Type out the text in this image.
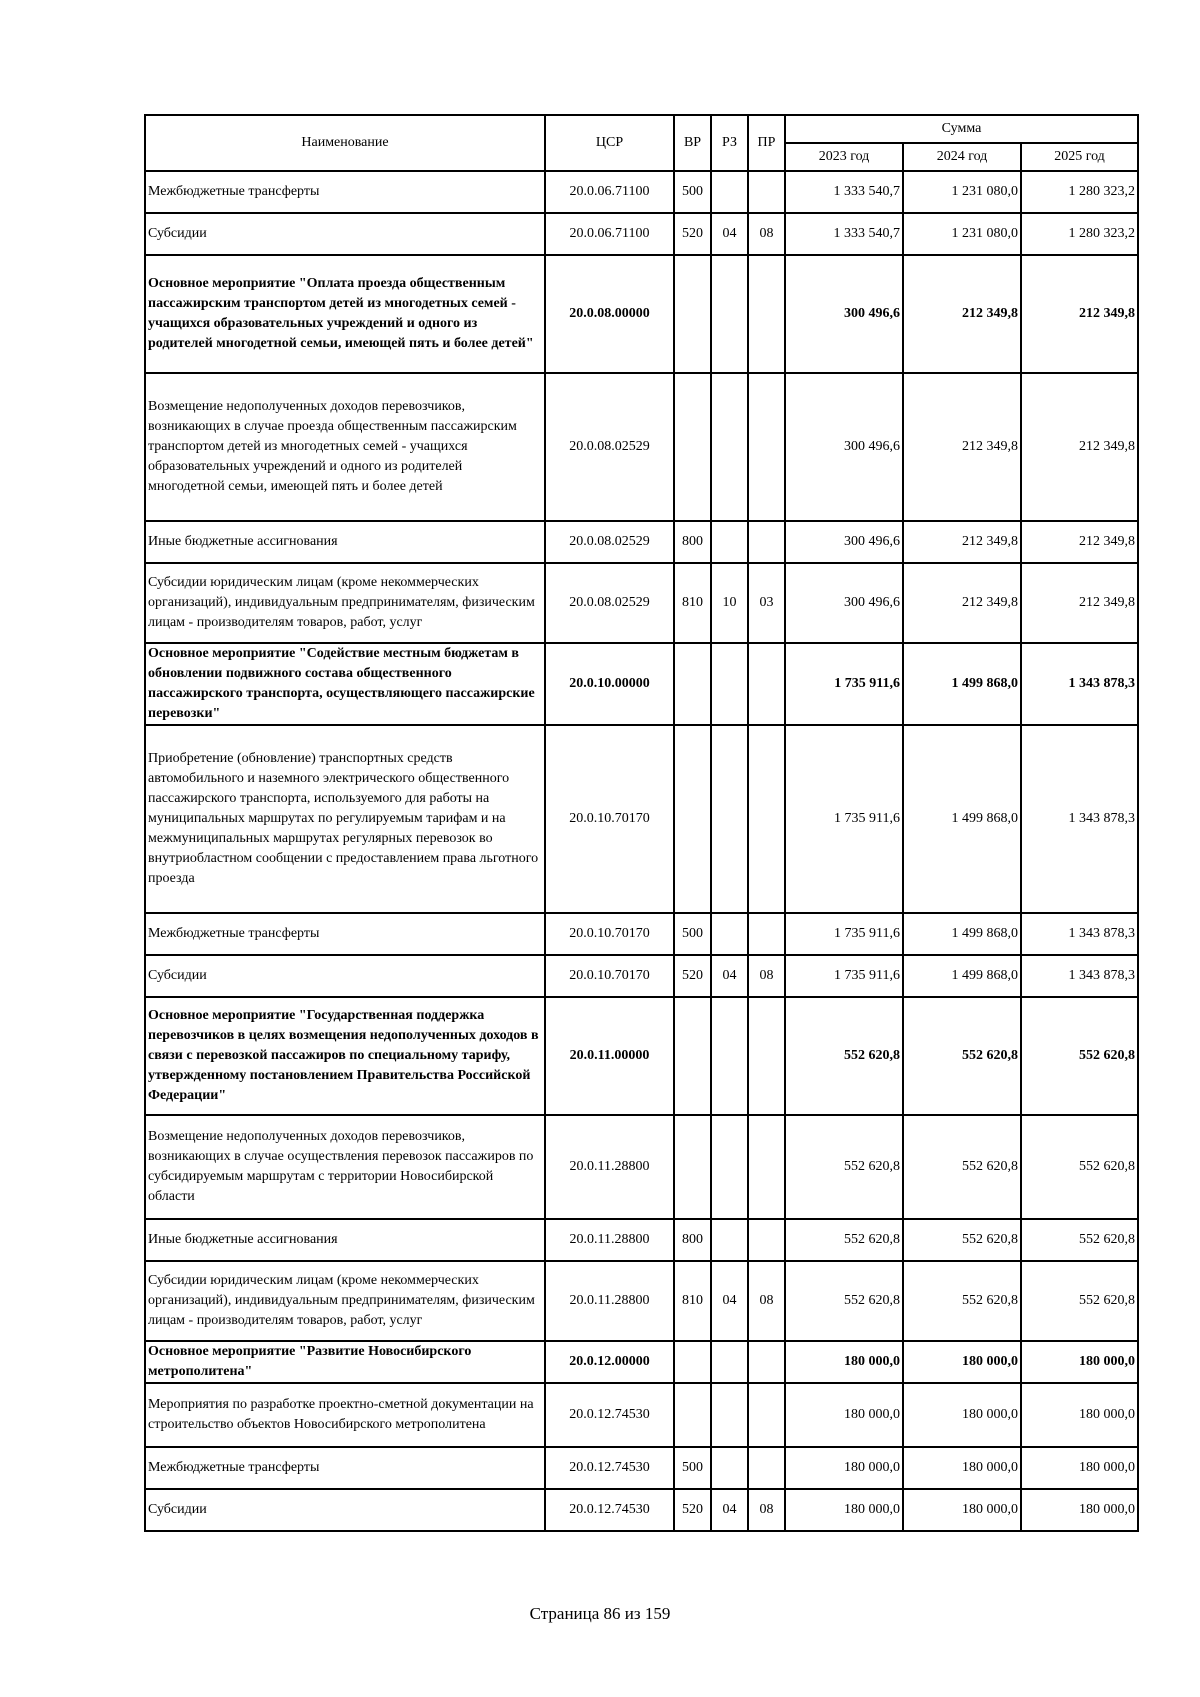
Наименование	ЦСР	ВР	РЗ	ПР	Сумма		
					2023 год	2024 год	2025 год
Межбюджетные трансферты	20.0.06.71100	500			1 333 540,7	1 231 080,0	1 280 323,2
Субсидии	20.0.06.71100	520	04	08	1 333 540,7	1 231 080,0	1 280 323,2
Основное мероприятие "Оплата проезда общественным пассажирским транспортом детей из многодетных семей - учащихся образовательных учреждений и одного из родителей многодетной семьи, имеющей пять и более детей"	20.0.08.00000				300 496,6	212 349,8	212 349,8
Возмещение недополученных доходов перевозчиков, возникающих в случае проезда общественным пассажирским транспортом детей из многодетных семей - учащихся образовательных учреждений и одного из родителей многодетной семьи, имеющей пять и более детей	20.0.08.02529				300 496,6	212 349,8	212 349,8
Иные бюджетные ассигнования	20.0.08.02529	800			300 496,6	212 349,8	212 349,8
Субсидии юридическим лицам (кроме некоммерческих организаций), индивидуальным предпринимателям, физическим лицам - производителям товаров, работ, услуг	20.0.08.02529	810	10	03	300 496,6	212 349,8	212 349,8
Основное мероприятие "Содействие местным бюджетам в обновлении подвижного состава общественного пассажирского транспорта, осуществляющего пассажирские перевозки"	20.0.10.00000				1 735 911,6	1 499 868,0	1 343 878,3
Приобретение (обновление) транспортных средств автомобильного и наземного электрического общественного пассажирского транспорта, используемого для работы на муниципальных маршрутах по регулируемым тарифам и на межмуниципальных маршрутах регулярных перевозок во внутриобластном сообщении с предоставлением права льготного проезда	20.0.10.70170				1 735 911,6	1 499 868,0	1 343 878,3
Межбюджетные трансферты	20.0.10.70170	500			1 735 911,6	1 499 868,0	1 343 878,3
Субсидии	20.0.10.70170	520	04	08	1 735 911,6	1 499 868,0	1 343 878,3
Основное мероприятие "Государственная поддержка перевозчиков в целях возмещения недополученных доходов в связи с перевозкой пассажиров по специальному тарифу, утвержденному постановлением Правительства Российской Федерации"	20.0.11.00000				552 620,8	552 620,8	552 620,8
Возмещение недополученных доходов перевозчиков, возникающих в случае осуществления перевозок пассажиров по субсидируемым маршрутам с территории Новосибирской области	20.0.11.28800				552 620,8	552 620,8	552 620,8
Иные бюджетные ассигнования	20.0.11.28800	800			552 620,8	552 620,8	552 620,8
Субсидии юридическим лицам (кроме некоммерческих организаций), индивидуальным предпринимателям, физическим лицам - производителям товаров, работ, услуг	20.0.11.28800	810	04	08	552 620,8	552 620,8	552 620,8
Основное мероприятие "Развитие Новосибирского метрополитена"	20.0.12.00000				180 000,0	180 000,0	180 000,0
Мероприятия по разработке проектно-сметной документации на строительство объектов Новосибирского метрополитена	20.0.12.74530				180 000,0	180 000,0	180 000,0
Межбюджетные трансферты	20.0.12.74530	500			180 000,0	180 000,0	180 000,0
Субсидии	20.0.12.74530	520	04	08	180 000,0	180 000,0	180 000,0
Страница 86 из 159
